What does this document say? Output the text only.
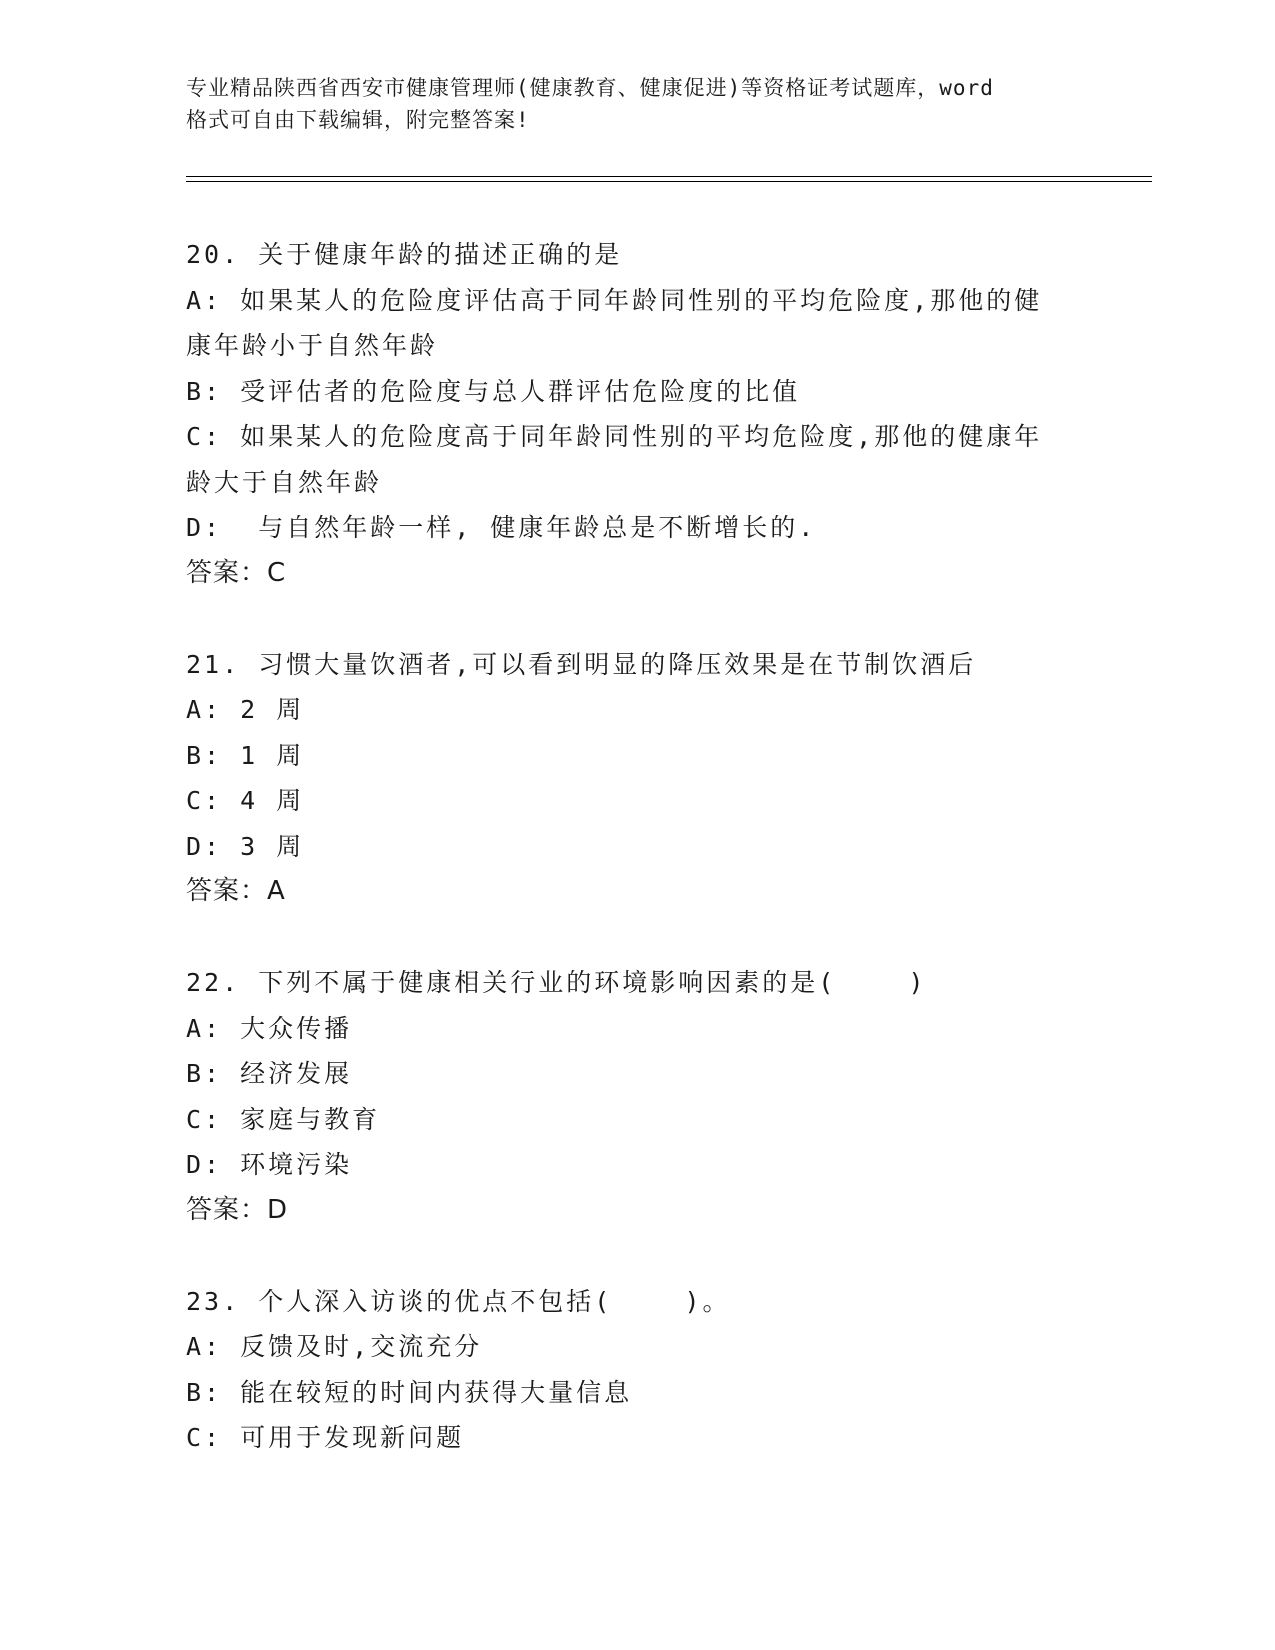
专业精品陕西省西安市健康管理师(健康教育、健康促进)等资格证考试题库，word
格式可自由下载编辑，附完整答案!
20. 关于健康年龄的描述正确的是
A: 如果某人的危险度评估高于同年龄同性别的平均危险度,那他的健
康年龄小于自然年龄
B: 受评估者的危险度与总人群评估危险度的比值
C: 如果某人的危险度高于同年龄同性别的平均危险度,那他的健康年
龄大于自然年龄
D:  与自然年龄一样, 健康年龄总是不断增长的.
答案：C
21. 习惯大量饮酒者,可以看到明显的降压效果是在节制饮酒后
A: 2 周
B: 1 周
C: 4 周
D: 3 周
答案：A
22. 下列不属于健康相关行业的环境影响因素的是(    )
A: 大众传播
B: 经济发展
C: 家庭与教育
D: 环境污染
答案：D
23. 个人深入访谈的优点不包括(    )。
A: 反馈及时,交流充分
B: 能在较短的时间内获得大量信息
C: 可用于发现新问题
